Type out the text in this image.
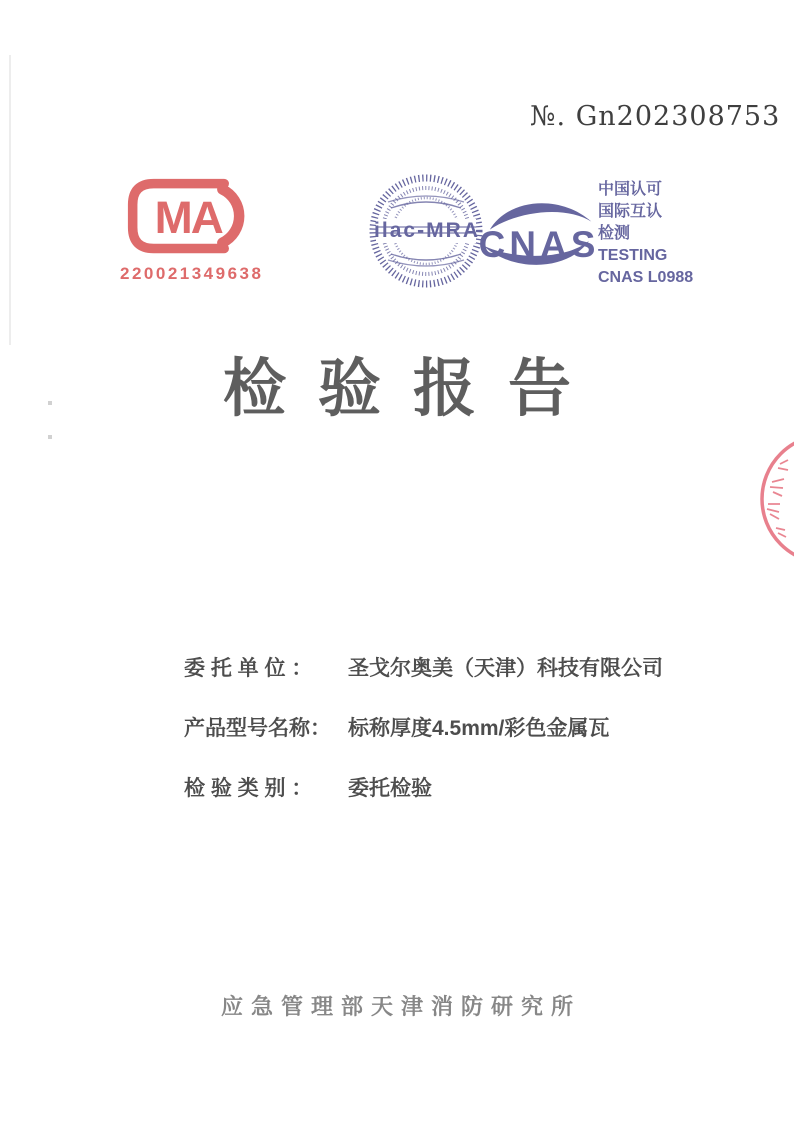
№. Gn202308753
MA
220021349638
ilac-MRA CNAS
中国认可
国际互认
检测
TESTING
CNAS L0988
检验报告
委 托 单 位 ：	圣戈尔奥美（天津）科技有限公司
产品型号名称： 标称厚度4.5mm/彩色金属瓦
检 验 类 别 ：	委托检验
应急管理部天津消防研究所
